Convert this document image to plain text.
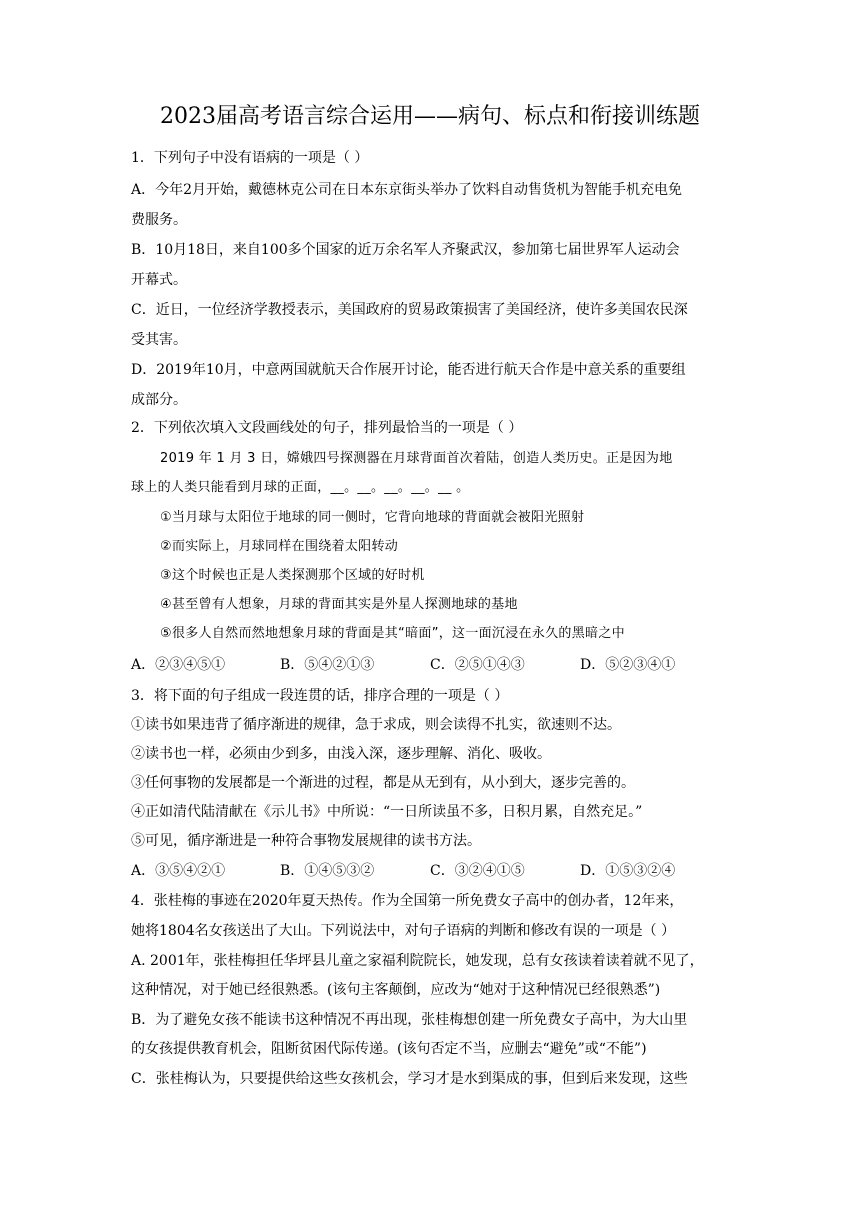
2023届高考语言综合运用——病句、标点和衔接训练题
1．下列句子中没有语病的一项是（ ）
A．今年2月开始，戴德林克公司在日本东京街头举办了饮料自动售货机为智能手机充电免
费服务。
B．10月18日，来自100多个国家的近万余名军人齐聚武汉，参加第七届世界军人运动会
开幕式。
C．近日，一位经济学教授表示，美国政府的贸易政策损害了美国经济，使许多美国农民深
受其害。
D．2019年10月，中意两国就航天合作展开讨论，能否进行航天合作是中意关系的重要组
成部分。
2．下列依次填入文段画线处的句子，排列最恰当的一项是（ ）
2019 年 1 月 3 日，嫦娥四号探测器在月球背面首次着陆，创造人类历史。正是因为地
球上的人类只能看到月球的正面，__。__。__。__。__ 。
①当月球与太阳位于地球的同一侧时，它背向地球的背面就会被阳光照射
②而实际上，月球同样在围绕着太阳转动
③这个时候也正是人类探测那个区域的好时机
④甚至曾有人想象，月球的背面其实是外星人探测地球的基地
⑤很多人自然而然地想象月球的背面是其“暗面”，这一面沉浸在永久的黑暗之中
A．②③④⑤①	B．⑤④②①③	C．②⑤①④③	D．⑤②③④①
3．将下面的句子组成一段连贯的话，排序合理的一项是（ ）
①读书如果违背了循序渐进的规律，急于求成，则会读得不扎实，欲速则不达。
②读书也一样，必须由少到多，由浅入深，逐步理解、消化、吸收。
③任何事物的发展都是一个渐进的过程，都是从无到有，从小到大，逐步完善的。
④正如清代陆清献在《示儿书》中所说：“一日所读虽不多，日积月累，自然充足。”
⑤可见，循序渐进是一种符合事物发展规律的读书方法。
A．③⑤④②①	B．①④⑤③②	C．③②④①⑤	D．①⑤③②④
4．张桂梅的事迹在2020年夏天热传。作为全国第一所免费女子高中的创办者，12年来，
她将1804名女孩送出了大山。下列说法中，对句子语病的判断和修改有误的一项是（ ）
A. 2001年，张桂梅担任华坪县儿童之家福利院院长，她发现，总有女孩读着读着就不见了，
这种情况，对于她已经很熟悉。(该句主客颠倒，应改为“她对于这种情况已经很熟悉”)
B．为了避免女孩不能读书这种情况不再出现，张桂梅想创建一所免费女子高中，为大山里
的女孩提供教育机会，阻断贫困代际传递。(该句否定不当，应删去“避免”或“不能”)
C．张桂梅认为，只要提供给这些女孩机会，学习才是水到渠成的事，但到后来发现，这些
